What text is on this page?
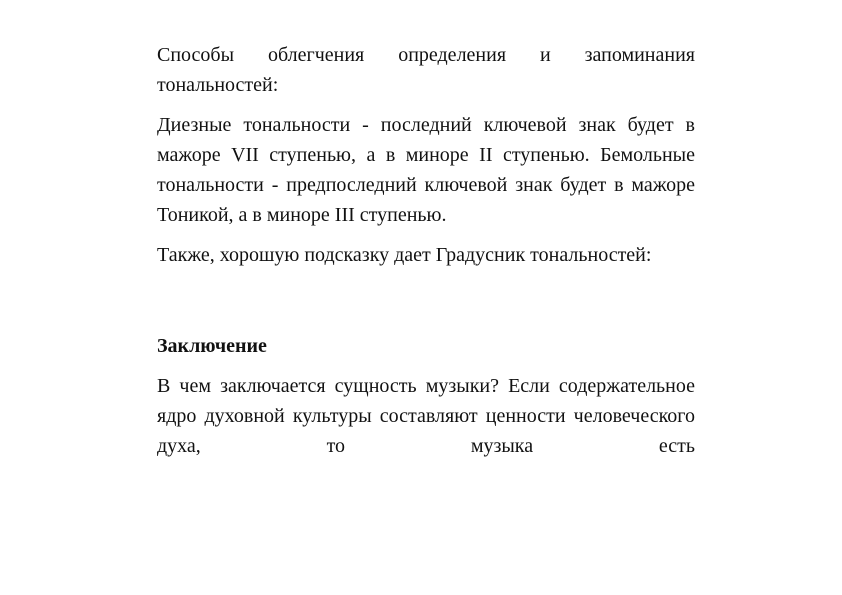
Способы облегчения определения и запоминания тональностей:

Диезные тональности - последний ключевой знак будет в мажоре VII ступенью, а в миноре II ступенью. Бемольные тональности - предпоследний ключевой знак будет в мажоре Тоникой, а в миноре III ступенью.

Также, хорошую подсказку дает Градусник тональностей:

Заключение

В чем заключается сущность музыки? Если содержательное ядро духовной культуры составляют ценности человеческого духа, то музыка есть
